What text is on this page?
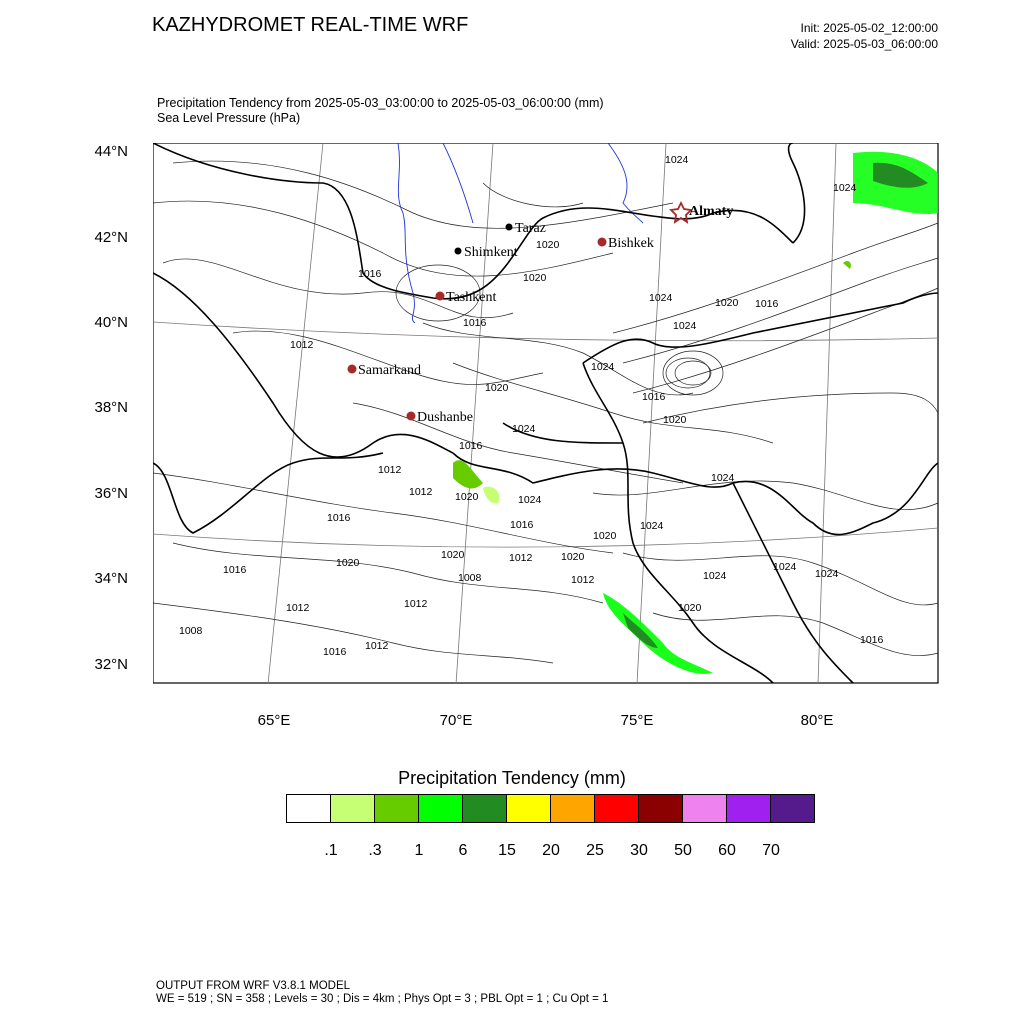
KAZHYDROMET REAL-TIME WRF	Init: 2025-05-02_12:00:00
Valid: 2025-05-03_06:00:00
Precipitation Tendency from 2025-05-03_03:00:00 to 2025-05-03_06:00:00 (mm)
Sea Level Pressure (hPa)
44°N
42°N
40°N
38°N
36°N
34°N
32°N
65°E	70°E	75°E	80°E
1024
1024
1016
1020
1020
1016
1012
1024
1024
1020 1016
1024
1016
1020
1016
1020
1024
1012
1012 1020	1024
1016
1016	1024
1024
1020
1020	1012
1020	1020
1016
1008	1012
1012
1024
1024
1024
1012
1008
1016 1012
1020
1016
Taraz
Shimkent
Tashkent
Samarkand
Dushanbe
Bishkek
Almaty
Precipitation Tendency (mm)
.1	.3	1	6	15	20	25	30	50	60	70
OUTPUT FROM WRF V3.8.1 MODEL
WE = 519 ; SN = 358 ; Levels = 30 ; Dis = 4km ; Phys Opt = 3 ; PBL Opt = 1 ; Cu Opt = 1
